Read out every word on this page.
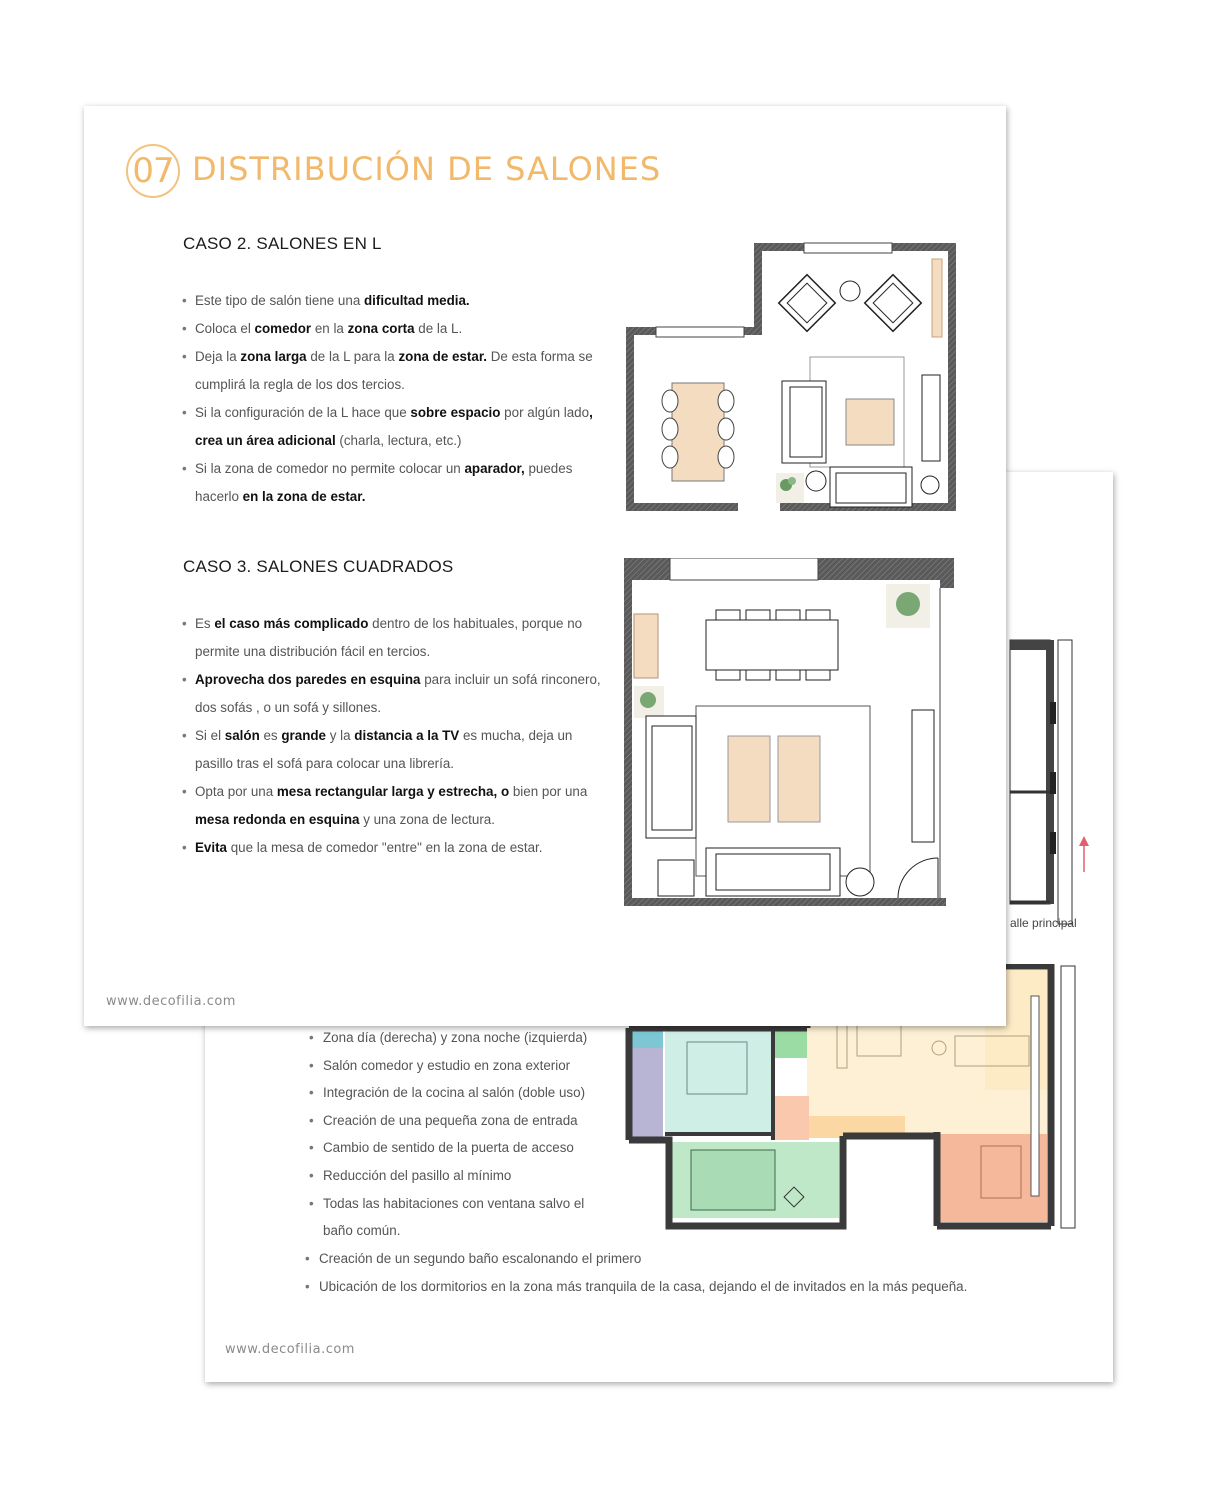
alle principal
• Zona día (derecha) y zona noche (izquierda)
• Salón comedor y estudio en zona exterior
• Integración de la cocina al salón (doble uso)
• Creación de una pequeña zona de entrada
• Cambio de sentido de la puerta de acceso
• Reducción del pasillo al mínimo
• Todas las habitaciones con ventana salvo el
baño común.
• Creación de un segundo baño escalonando el primero
• Ubicación de los dormitorios en la zona más tranquila de la casa, dejando el de invitados en la más pequeña.
www.decofilia.com
07 DISTRIBUCIÓN DE SALONES
CASO 2. SALONES EN L
• Este tipo de salón tiene una dificultad media.
• Coloca el comedor en la zona corta de la L.
• Deja la zona larga de la L para la zona de estar. De esta forma se cumplirá la regla de los dos tercios.
• Si la configuración de la L hace que sobre espacio por algún lado, crea un área adicional (charla, lectura, etc.)
• Si la zona de comedor no permite colocar un aparador, puedes hacerlo en la zona de estar.
CASO 3. SALONES CUADRADOS
• Es el caso más complicado dentro de los habituales, porque no permite una distribución fácil en tercios.
• Aprovecha dos paredes en esquina para incluir un sofá rinconero, dos sofás , o un sofá y sillones.
• Si el salón es grande y la distancia a la TV es mucha, deja un pasillo tras el sofá para colocar una librería.
• Opta por una mesa rectangular larga y estrecha, o bien por una mesa redonda en esquina y una zona de lectura.
• Evita que la mesa de comedor "entre" en la zona de estar.
www.decofilia.com
